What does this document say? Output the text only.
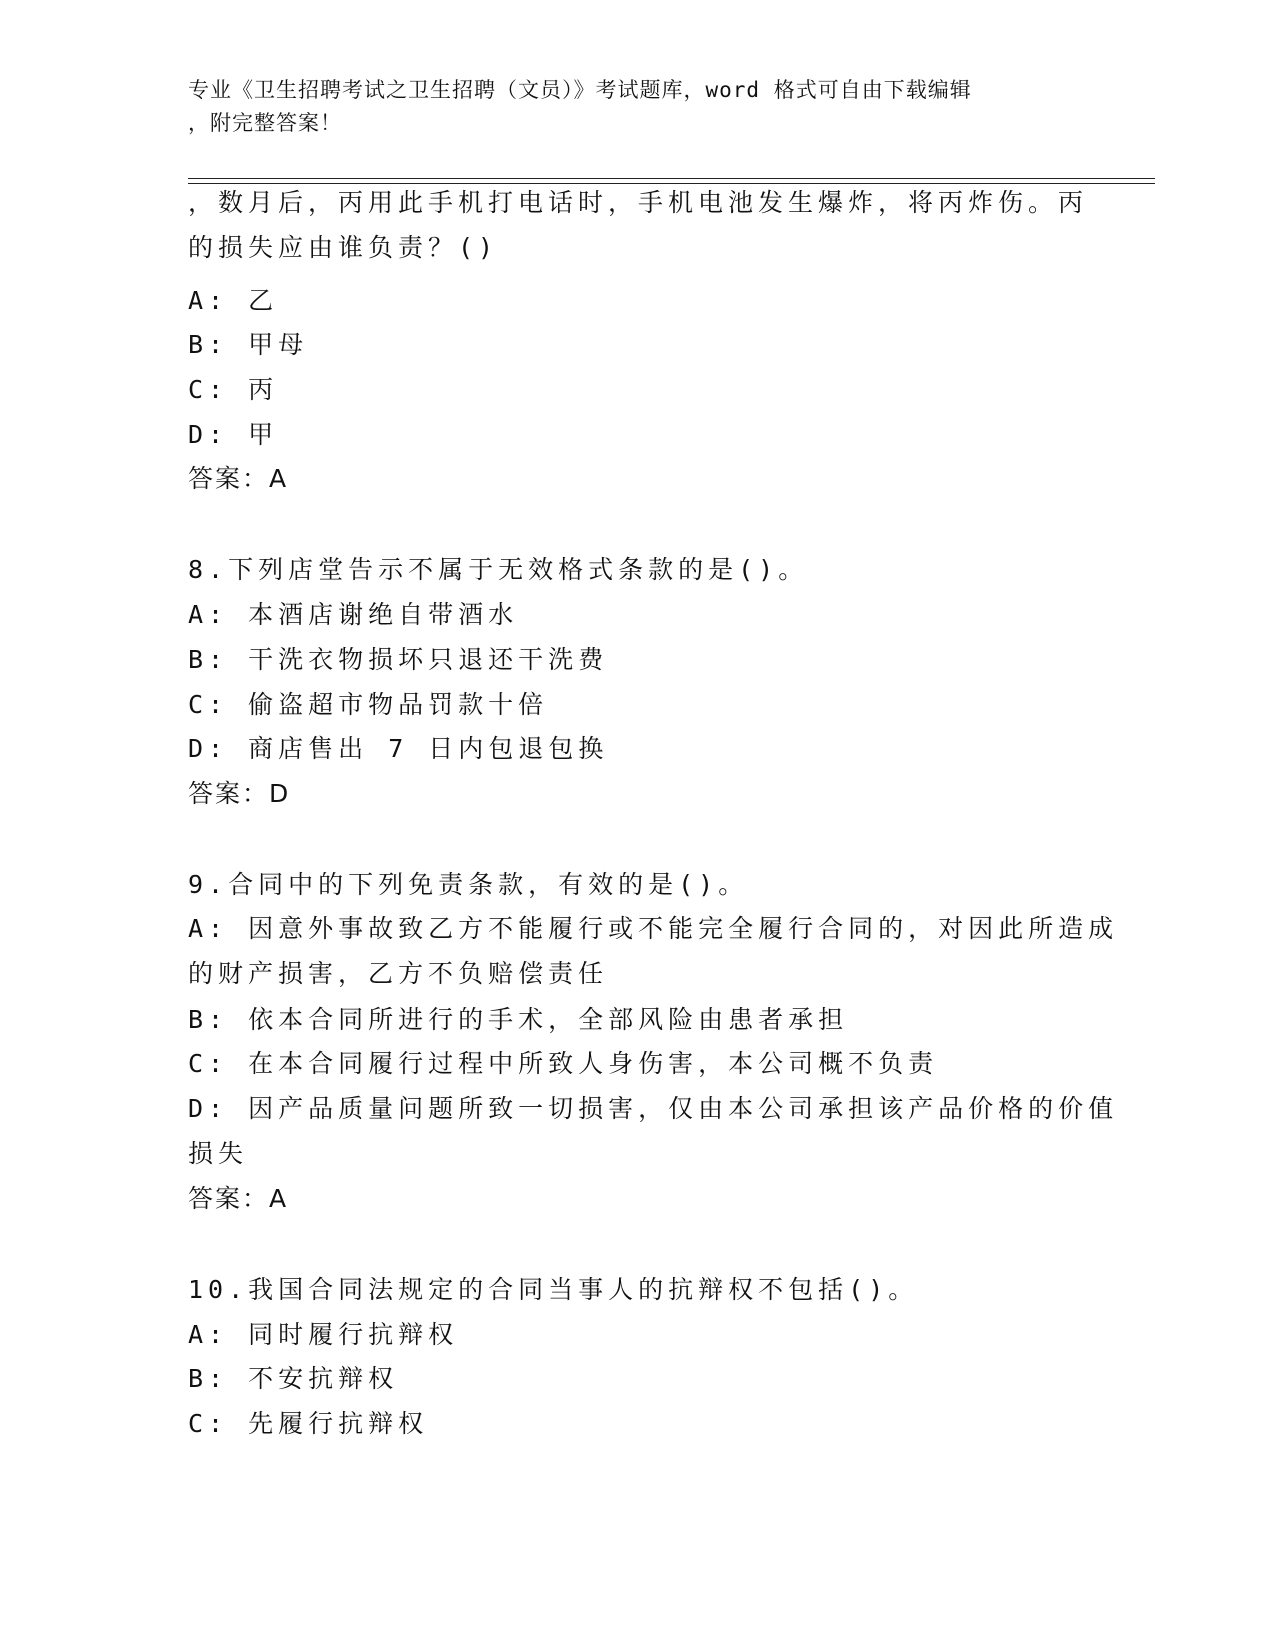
专业《卫生招聘考试之卫生招聘（文员）》考试题库，word 格式可自由下载编辑
，附完整答案！
，数月后，丙用此手机打电话时，手机电池发生爆炸，将丙炸伤。丙
的损失应由谁负责？()
A: 乙
B: 甲母
C: 丙
D: 甲
答案：A
8.下列店堂告示不属于无效格式条款的是()。
A: 本酒店谢绝自带酒水
B: 干洗衣物损坏只退还干洗费
C: 偷盗超市物品罚款十倍
D: 商店售出 7 日内包退包换
答案：D
9.合同中的下列免责条款，有效的是()。
A: 因意外事故致乙方不能履行或不能完全履行合同的，对因此所造成
的财产损害，乙方不负赔偿责任
B: 依本合同所进行的手术，全部风险由患者承担
C: 在本合同履行过程中所致人身伤害，本公司概不负责
D: 因产品质量问题所致一切损害，仅由本公司承担该产品价格的价值
损失
答案：A
10.我国合同法规定的合同当事人的抗辩权不包括()。
A: 同时履行抗辩权
B: 不安抗辩权
C: 先履行抗辩权
